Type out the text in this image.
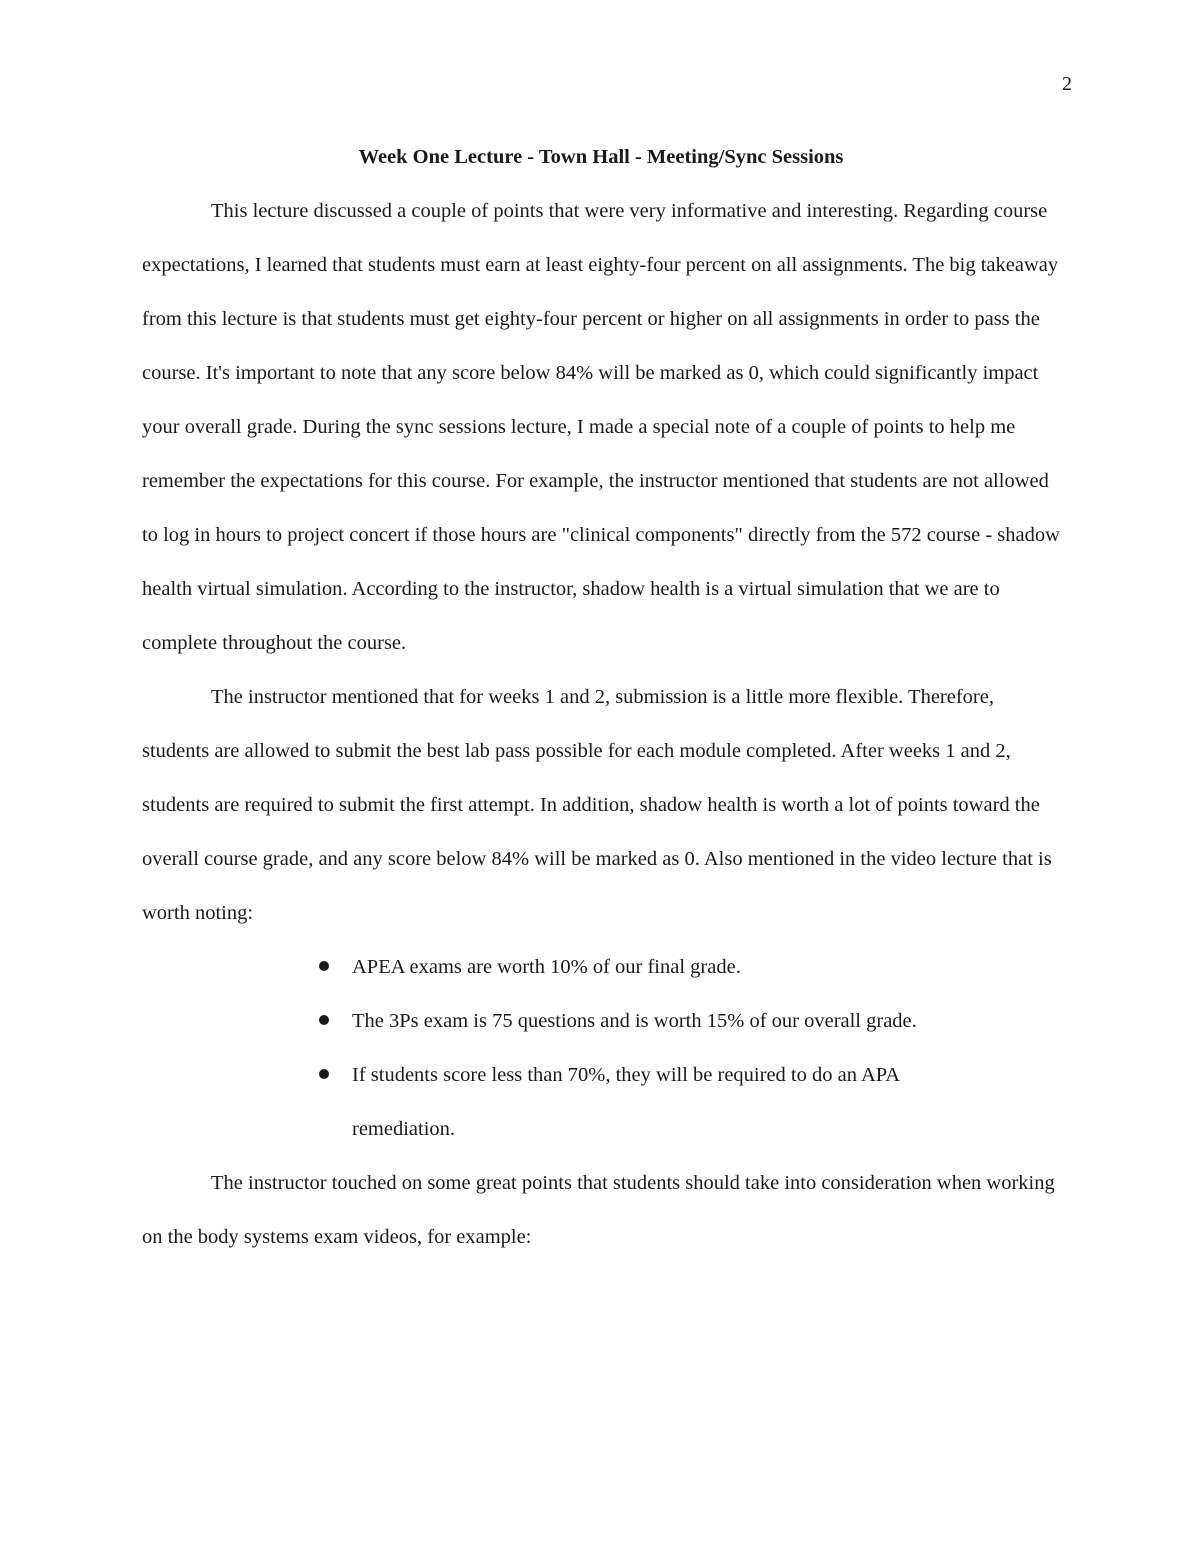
2

Week One Lecture - Town Hall - Meeting/Sync Sessions

This lecture discussed a couple of points that were very informative and interesting. Regarding course expectations, I learned that students must earn at least eighty-four percent on all assignments. The big takeaway from this lecture is that students must get eighty-four percent or higher on all assignments in order to pass the course. It's important to note that any score below 84% will be marked as 0, which could significantly impact your overall grade. During the sync sessions lecture, I made a special note of a couple of points to help me remember the expectations for this course. For example, the instructor mentioned that students are not allowed to log in hours to project concert if those hours are "clinical components" directly from the 572 course - shadow health virtual simulation. According to the instructor, shadow health is a virtual simulation that we are to complete throughout the course.

The instructor mentioned that for weeks 1 and 2, submission is a little more flexible. Therefore, students are allowed to submit the best lab pass possible for each module completed. After weeks 1 and 2, students are required to submit the first attempt. In addition, shadow health is worth a lot of points toward the overall course grade, and any score below 84% will be marked as 0. Also mentioned in the video lecture that is worth noting:

APEA exams are worth 10% of our final grade.
The 3Ps exam is 75 questions and is worth 15% of our overall grade.
If students score less than 70%, they will be required to do an APA remediation.

The instructor touched on some great points that students should take into consideration when working on the body systems exam videos, for example:
